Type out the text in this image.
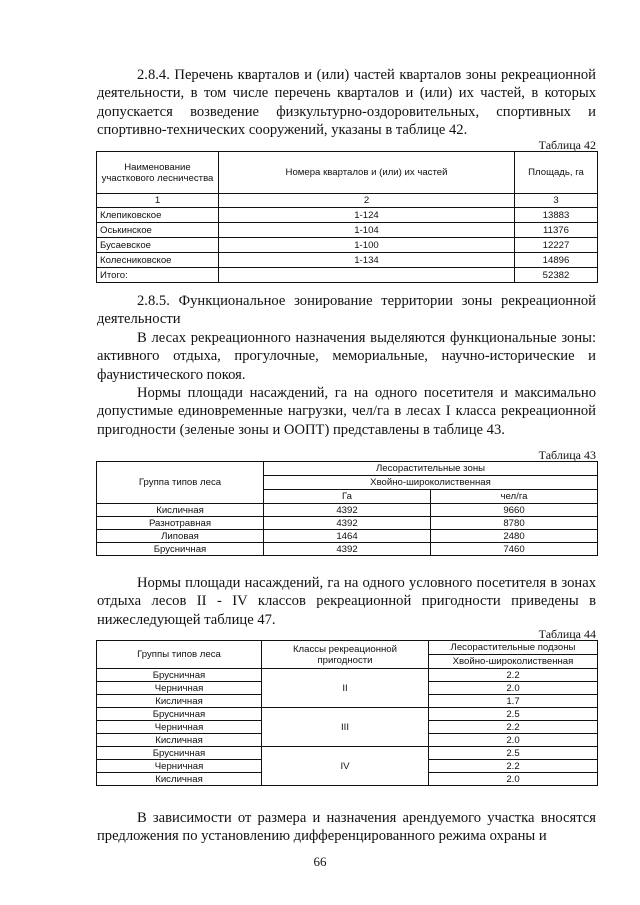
2.8.4. Перечень кварталов и (или) частей кварталов зоны рекреационной деятельности, в том числе перечень кварталов и (или) их частей, в которых допускается возведение физкультурно-оздоровительных, спортивных и спортивно-технических сооружений, указаны в таблице 42.

Таблица 42
Наименование участкового лесничества	Номера кварталов и (или) их частей	Площадь, га
1	2	3
Клепиковское	1-124	13883
Оськинское	1-104	11376
Бусаевское	1-100	12227
Колесниковское	1-134	14896
Итого:		52382

2.8.5. Функциональное зонирование территории зоны рекреационной деятельности

В лесах рекреационного назначения выделяются функциональные зоны: активного отдыха, прогулочные, мемориальные, научно-исторические и фаунистического покоя.

Нормы площади насаждений, га на одного посетителя и максимально допустимые единовременные нагрузки, чел/га в лесах I класса рекреационной пригодности (зеленые зоны и ООПТ) представлены в таблице 43.

Таблица 43
Группа типов леса	Лесорастительные зоны	
	Хвойно-широколиственная	
	Га	чел/га
Кисличная	4392	9660
Разнотравная	4392	8780
Липовая	1464	2480
Брусничная	4392	7460

Нормы площади насаждений, га на одного условного посетителя в зонах отдыха лесов II - IV классов рекреационной пригодности приведены в нижеследующей таблице 47.

Таблица 44
Группы типов леса	Классы рекреационной пригодности	Лесорастительные подзоны
		Хвойно-широколиственная
Брусничная	II	2.2
Черничная		2.0
Кисличная		1.7
Брусничная	III	2.5
Черничная		2.2
Кисличная		2.0
Брусничная	IV	2.5
Черничная		2.2
Кисличная		2.0

В зависимости от размера и назначения арендуемого участка вносятся предложения по установлению дифференцированного режима охраны и

66
